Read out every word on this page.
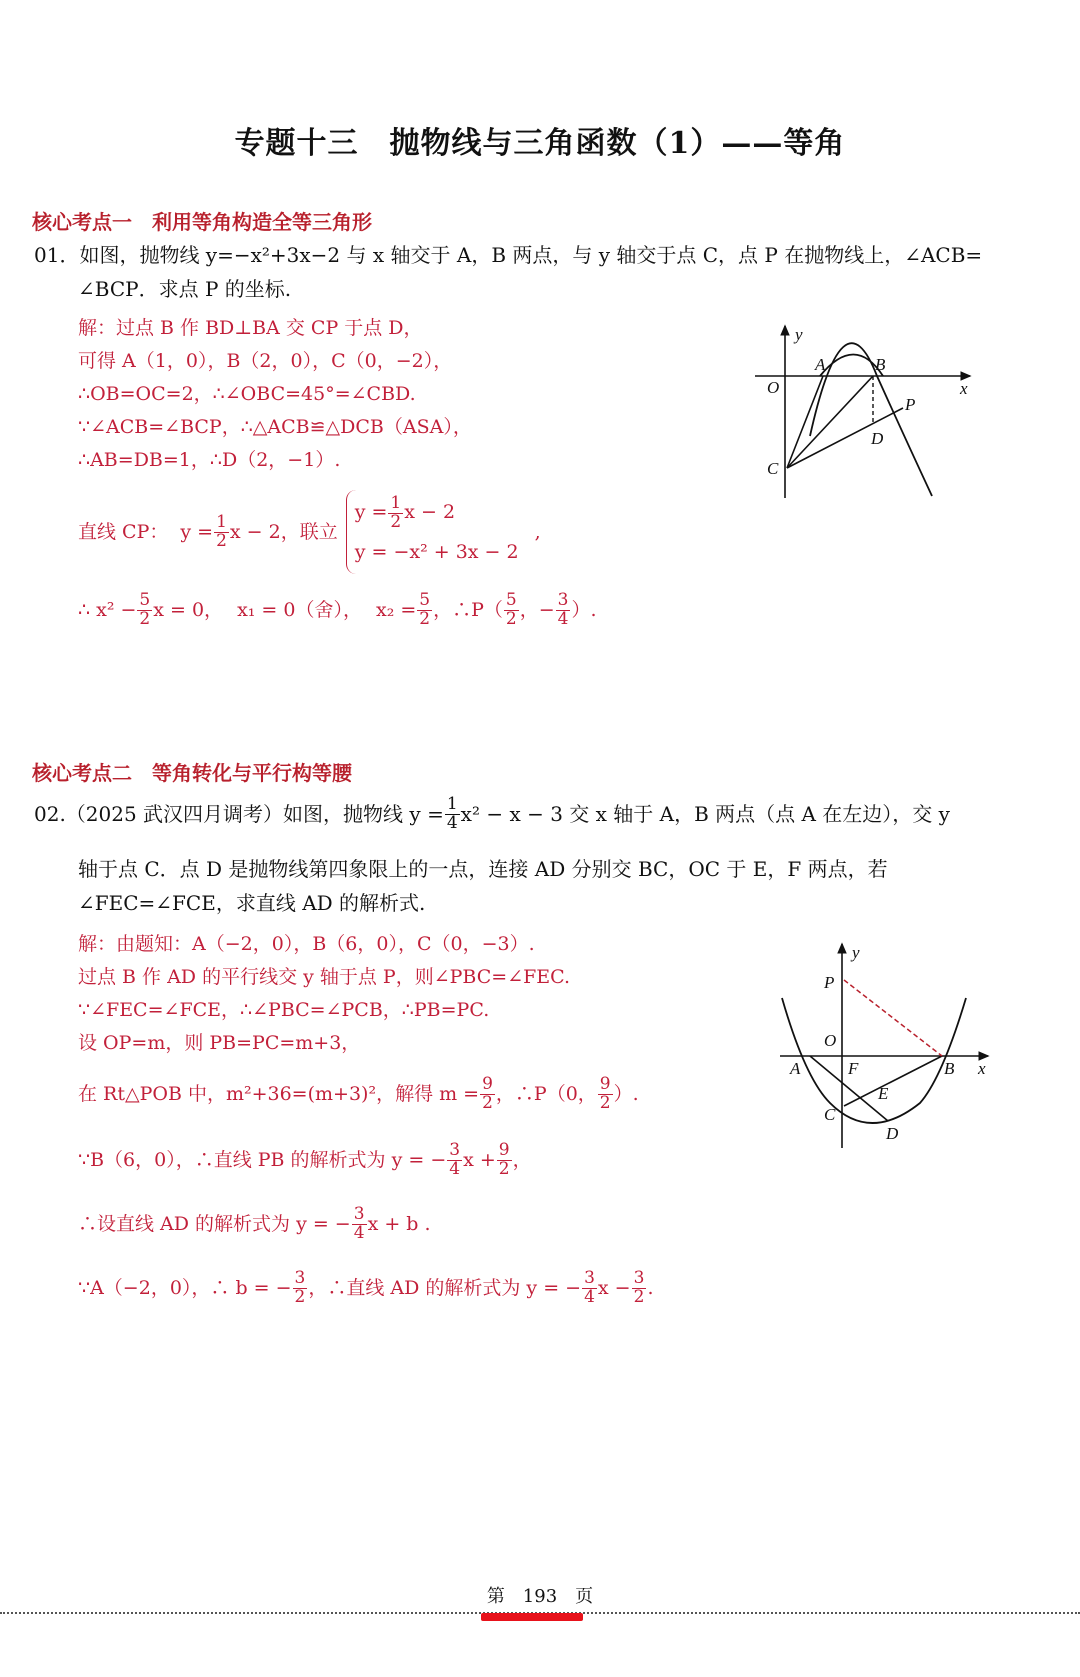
专题十三　抛物线与三角函数（1）——等角
核心考点一　利用等角构造全等三角形
01．如图，抛物线 y=−x²+3x−2 与 x 轴交于 A，B 两点，与 y 轴交于点 C，点 P 在抛物线上，∠ACB=
∠BCP．求点 P 的坐标.
解：过点 B 作 BD⊥BA 交 CP 于点 D，
可得 A（1，0），B（2，0），C（0，−2），
∴OB=OC=2，∴∠OBC=45°=∠CBD.
∵∠ACB=∠BCP，∴△ACB≌△DCB（ASA），
∴AB=DB=1，∴D（2，−1）.
直线 CP： $y = \frac{1}{2}$ x − 2，联立
$y = \frac{1}{2}$ x − 2
y = −x² + 3x − 2
,
∴ $x^2 - \frac{5}{2}$ x = 0， x₁ = 0（舍）， $x_2 = \frac{5}{2}$ ，∴P（ $\frac{5}{2}$ ，− $\frac{3}{4}$ ）.
y
x
O
A	B
C
P
D
核心考点二　等角转化与平行构等腰
02.（2025 武汉四月调考）如图，抛物线 $y = \frac{1}{4} x^2 - x - 3$ 交 x 轴于 A，B 两点（点 A 在左边），交 y
轴于点 C．点 D 是抛物线第四象限上的一点，连接 AD 分别交 BC，OC 于 E，F 两点，若
∠FEC=∠FCE，求直线 AD 的解析式.
解：由题知：A（−2，0），B（6，0），C（0，−3）.
过点 B 作 AD 的平行线交 y 轴于点 P，则∠PBC=∠FEC.
∵∠FEC=∠FCE，∴∠PBC=∠PCB，∴PB=PC.
设 OP=m，则 PB=PC=m+3，
在 Rt△POB 中，m²+36=(m+3)²，解得 $m = \frac{9}{2}$ ，∴P（0， $\frac{9}{2}$ ）.
∵B（6，0），∴直线 PB 的解析式为 y = − $\frac{3}{4}$ $x + \frac{9}{2}$ ，
∴设直线 AD 的解析式为 y = − $\frac{3}{4}$ x + b .
∵A（−2，0），∴ b = − $\frac{3}{2}$ ，∴直线 AD 的解析式为 y = − $\frac{3}{4}$ $x - \frac{3}{2}$ .
y
x
P
O
A	F	B
E
C
D
第　193　页
